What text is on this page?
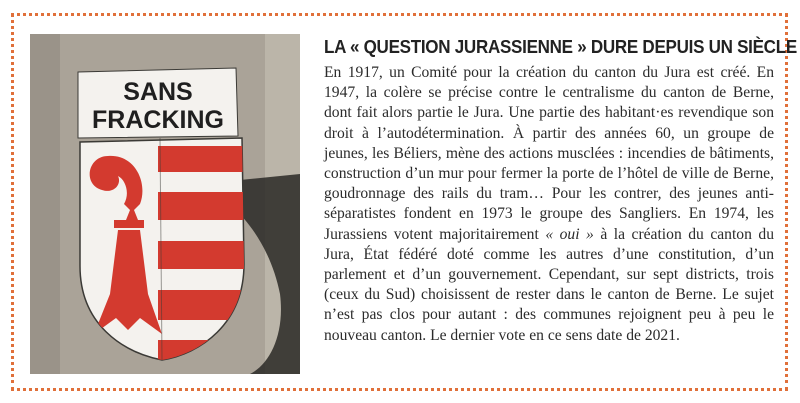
SANS
FRACKING
LA « QUESTION JURASSIENNE » DURE DEPUIS UN SIÈCLE
En 1917, un Comité pour la création du canton du Jura est créé. En 1947, la colère se précise contre le centralisme du canton de Berne, dont fait alors partie le Jura. Une partie des habitant·es revendique son droit à l’autodétermination. À partir des années 60, un groupe de jeunes, les Béliers, mène des actions musclées : incendies de bâtiments, construction d’un mur pour fermer la porte de l’hôtel de ville de Berne, goudronnage des rails du tram… Pour les contrer, des jeunes anti-séparatistes fondent en 1973 le groupe des Sangliers. En 1974, les Jurassiens votent majoritairement « oui » à la création du canton du Jura, État fédéré doté comme les autres d’une constitution, d’un parlement et d’un gouvernement. Cependant, sur sept districts, trois (ceux du Sud) choisissent de rester dans le canton de Berne. Le sujet n’est pas clos pour autant : des communes rejoignent peu à peu le nouveau canton. Le dernier vote en ce sens date de 2021.
